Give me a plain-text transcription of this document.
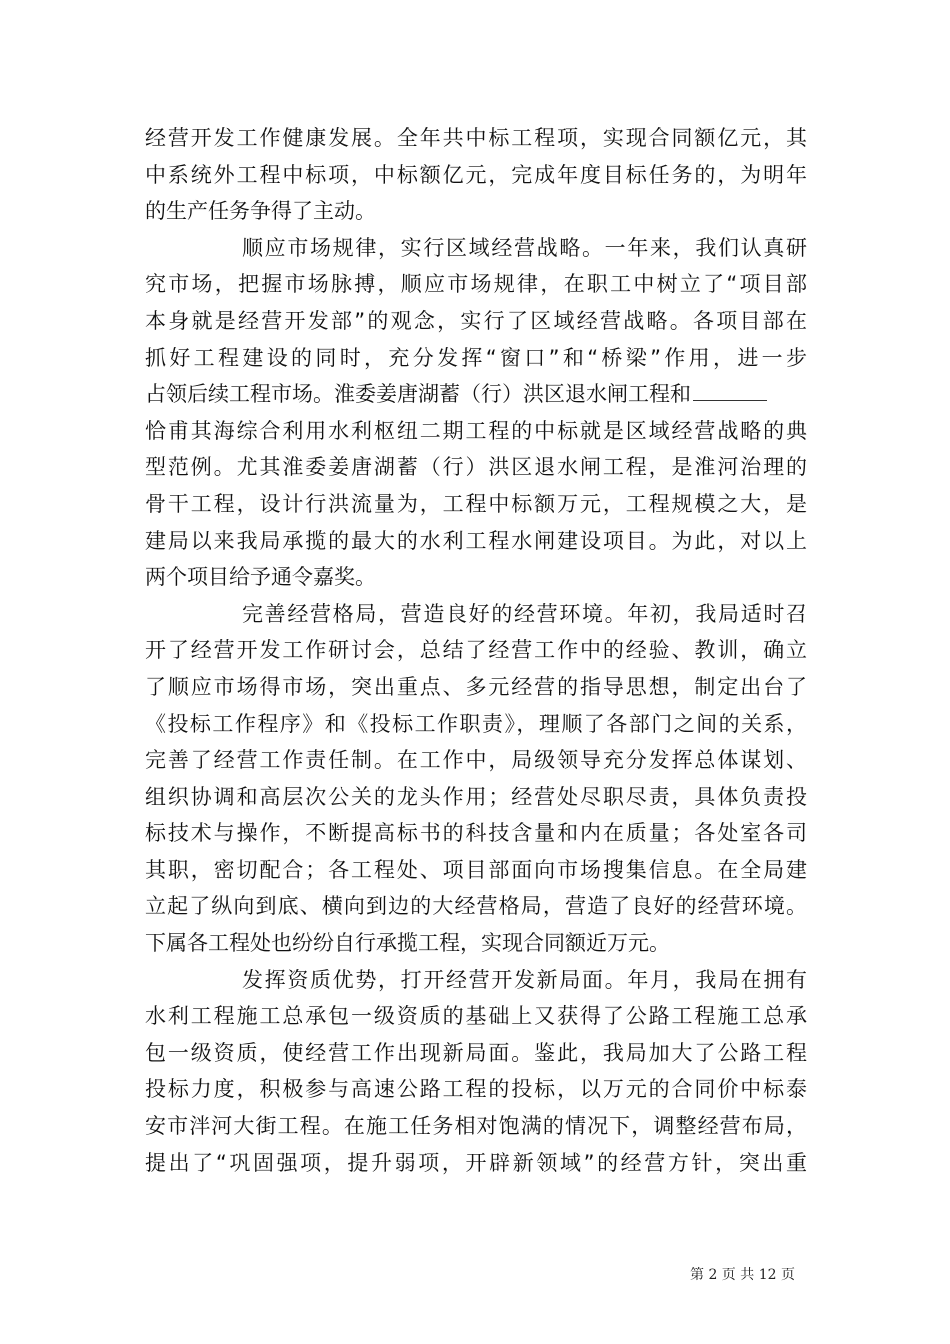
经营开发工作健康发展。全年共中标工程项，实现合同额亿元，其
中系统外工程中标项，中标额亿元，完成年度目标任务的，为明年
的生产任务争得了主动。
顺应市场规律，实行区域经营战略。一年来，我们认真研
究市场，把握市场脉搏，顺应市场规律，在职工中树立了“项目部
本身就是经营开发部”的观念，实行了区域经营战略。各项目部在
抓好工程建设的同时，充分发挥“窗口”和“桥梁”作用，进一步
占领后续工程市场。淮委姜唐湖蓄（行）洪区退水闸工程和
恰甫其海综合利用水利枢纽二期工程的中标就是区域经营战略的典
型范例。尤其淮委姜唐湖蓄（行）洪区退水闸工程，是淮河治理的
骨干工程，设计行洪流量为，工程中标额万元，工程规模之大，是
建局以来我局承揽的最大的水利工程水闸建设项目。为此，对以上
两个项目给予通令嘉奖。
完善经营格局，营造良好的经营环境。年初，我局适时召
开了经营开发工作研讨会，总结了经营工作中的经验、教训，确立
了顺应市场得市场，突出重点、多元经营的指导思想，制定出台了
《投标工作程序》和《投标工作职责》，理顺了各部门之间的关系，
完善了经营工作责任制。在工作中，局级领导充分发挥总体谋划、
组织协调和高层次公关的龙头作用；经营处尽职尽责，具体负责投
标技术与操作，不断提高标书的科技含量和内在质量；各处室各司
其职，密切配合；各工程处、项目部面向市场搜集信息。在全局建
立起了纵向到底、横向到边的大经营格局，营造了良好的经营环境。
下属各工程处也纷纷自行承揽工程，实现合同额近万元。
发挥资质优势，打开经营开发新局面。年月，我局在拥有
水利工程施工总承包一级资质的基础上又获得了公路工程施工总承
包一级资质，使经营工作出现新局面。鉴此，我局加大了公路工程
投标力度，积极参与高速公路工程的投标，以万元的合同价中标泰
安市泮河大街工程。在施工任务相对饱满的情况下，调整经营布局，
提出了“巩固强项，提升弱项，开辟新领域”的经营方针，突出重
第 2 页 共 12 页
